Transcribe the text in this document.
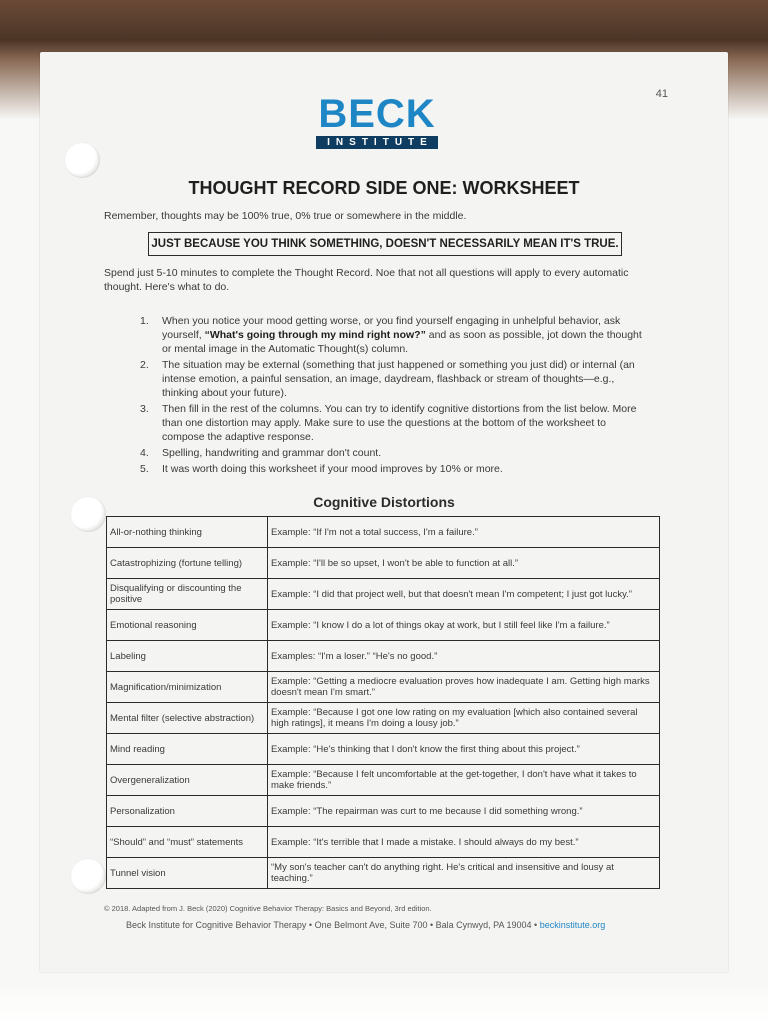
41
BECK
INSTITUTE
THOUGHT RECORD SIDE ONE: WORKSHEET
Remember, thoughts may be 100% true, 0% true or somewhere in the middle.
JUST BECAUSE YOU THINK SOMETHING, DOESN'T NECESSARILY MEAN IT'S TRUE.
Spend just 5-10 minutes to complete the Thought Record. Noe that not all questions will apply to every automatic thought. Here's what to do.
1. When you notice your mood getting worse, or you find yourself engaging in unhelpful behavior, ask yourself, “What's going through my mind right now?” and as soon as possible, jot down the thought or mental image in the Automatic Thought(s) column.
2. The situation may be external (something that just happened or something you just did) or internal (an intense emotion, a painful sensation, an image, daydream, flashback or stream of thoughts—e.g., thinking about your future).
3. Then fill in the rest of the columns. You can try to identify cognitive distortions from the list below. More than one distortion may apply. Make sure to use the questions at the bottom of the worksheet to compose the adaptive response.
4. Spelling, handwriting and grammar don't count.
5. It was worth doing this worksheet if your mood improves by 10% or more.
Cognitive Distortions
All-or-nothing thinking	Example: “If I'm not a total success, I'm a failure.”
Catastrophizing (fortune telling)	Example: “I'll be so upset, I won't be able to function at all.”
Disqualifying or discounting the positive	Example: “I did that project well, but that doesn't mean I'm competent; I just got lucky.”
Emotional reasoning	Example: “I know I do a lot of things okay at work, but I still feel like I'm a failure.”
Labeling	Examples: “I'm a loser.” “He's no good.”
Magnification/minimization	Example: “Getting a mediocre evaluation proves how inadequate I am. Getting high marks doesn't mean I'm smart.”
Mental filter (selective abstraction)	Example: “Because I got one low rating on my evaluation [which also contained several high ratings], it means I'm doing a lousy job.”
Mind reading	Example: “He's thinking that I don't know the first thing about this project.”
Overgeneralization	Example: “Because I felt uncomfortable at the get-together, I don't have what it takes to make friends.”
Personalization	Example: “The repairman was curt to me because I did something wrong.”
“Should” and “must” statements	Example: “It's terrible that I made a mistake. I should always do my best.”
Tunnel vision	“My son's teacher can't do anything right. He's critical and insensitive and lousy at teaching.”
© 2018. Adapted from J. Beck (2020) Cognitive Behavior Therapy: Basics and Beyond, 3rd edition.
Beck Institute for Cognitive Behavior Therapy • One Belmont Ave, Suite 700 • Bala Cynwyd, PA 19004 • beckinstitute.org
